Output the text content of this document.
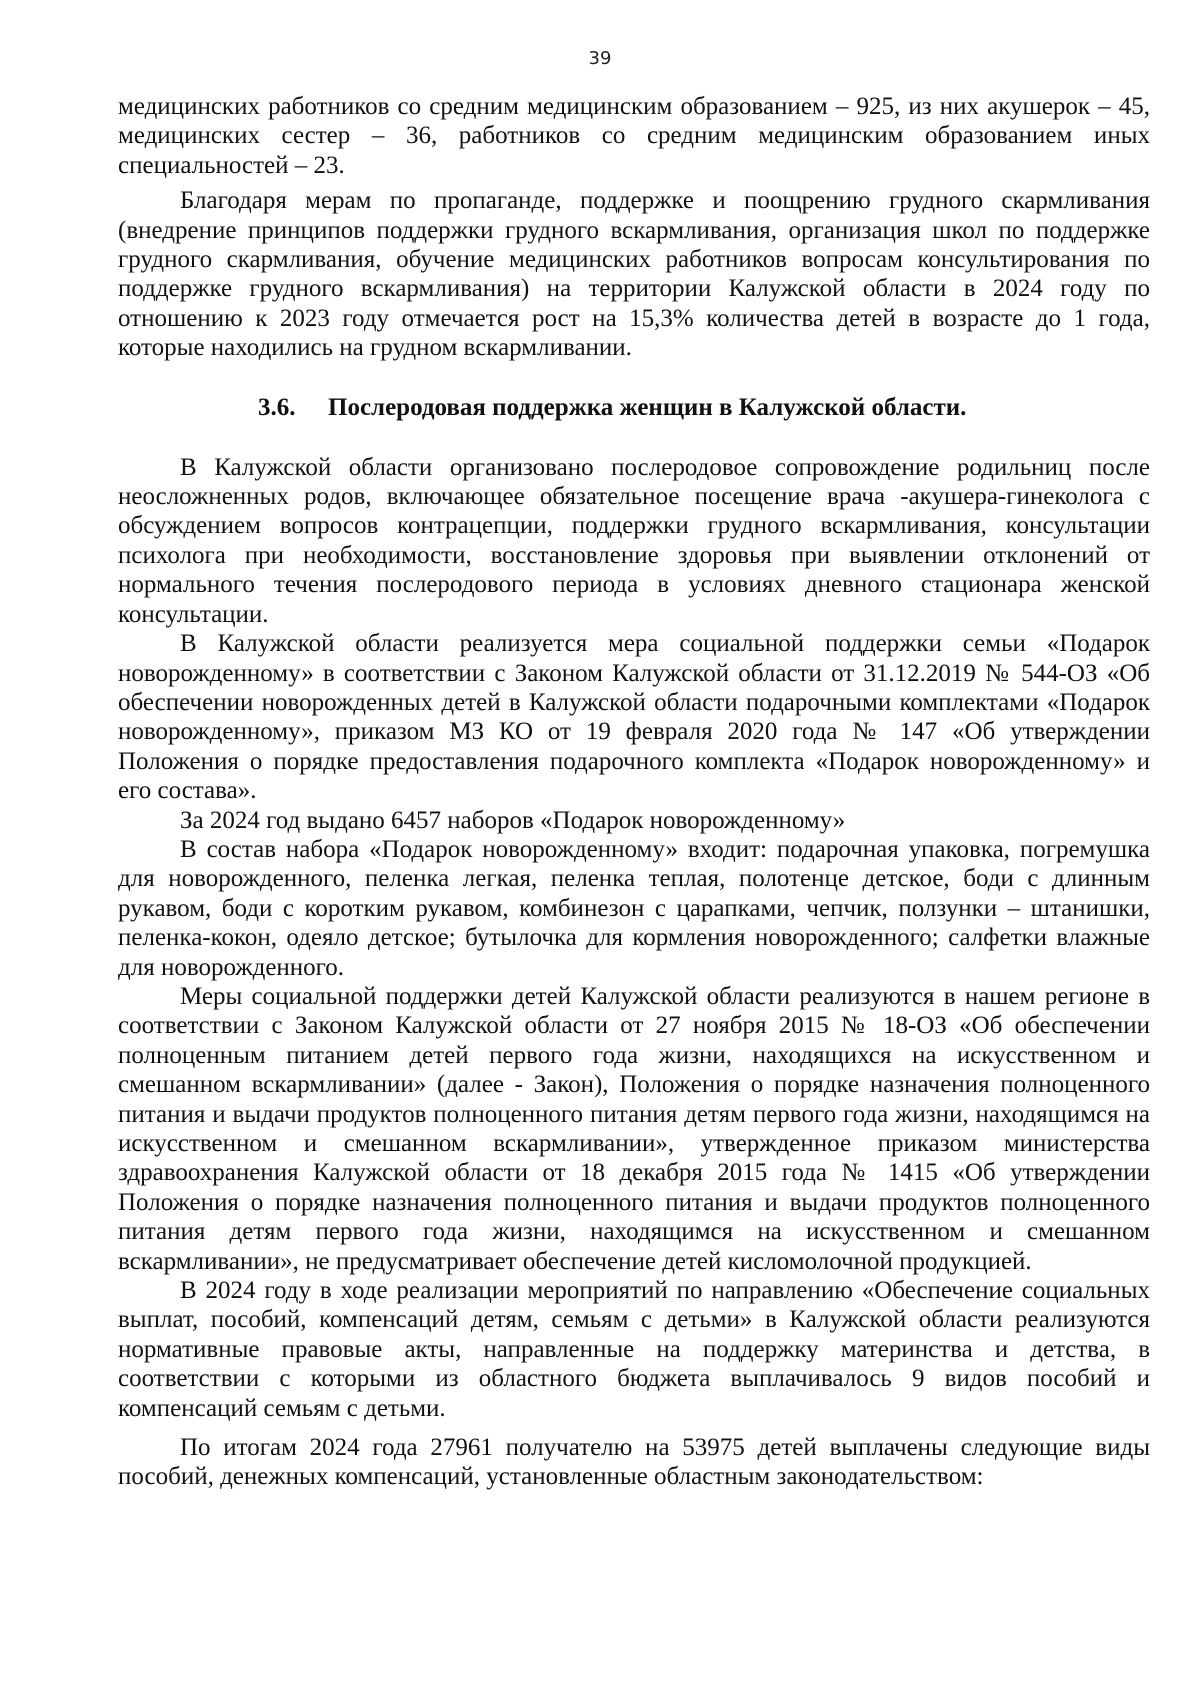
39

медицинских работников со средним медицинским образованием – 925, из них акушерок – 45, медицинских сестер – 36, работников со средним медицинским образованием иных специальностей – 23.

Благодаря мерам по пропаганде, поддержке и поощрению грудного скармливания (внедрение принципов поддержки грудного вскармливания, организация школ по поддержке грудного скармливания, обучение медицинских работников вопросам консультирования по поддержке грудного вскармливания) на территории Калужской области в 2024 году по отношению к 2023 году отмечается рост на 15,3% количества детей в возрасте до 1 года, которые находились на грудном вскармливании.

3.6. Послеродовая поддержка женщин в Калужской области.

В Калужской области организовано послеродовое сопровождение родильниц после неосложненных родов, включающее обязательное посещение врача -акушера-гинеколога с обсуждением вопросов контрацепции, поддержки грудного вскармливания, консультации психолога при необходимости, восстановление здоровья при выявлении отклонений от нормального течения послеродового периода в условиях дневного стационара женской консультации.

В Калужской области реализуется мера социальной поддержки семьи «Подарок новорожденному» в соответствии с Законом Калужской области от 31.12.2019 № 544-ОЗ «Об обеспечении новорожденных детей в Калужской области подарочными комплектами «Подарок новорожденному», приказом МЗ КО от 19 февраля 2020 года № 147 «Об утверждении Положения о порядке предоставления подарочного комплекта «Подарок новорожденному» и его состава».

За 2024 год выдано 6457 наборов «Подарок новорожденному»

В состав набора «Подарок новорожденному» входит: подарочная упаковка, погремушка для новорожденного, пеленка легкая, пеленка теплая, полотенце детское, боди с длинным рукавом, боди с коротким рукавом, комбинезон с царапками, чепчик, ползунки – штанишки, пеленка-кокон, одеяло детское; бутылочка для кормления новорожденного; салфетки влажные для новорожденного.

Меры социальной поддержки детей Калужской области реализуются в нашем регионе в соответствии с Законом Калужской области от 27 ноября 2015 № 18-ОЗ «Об обеспечении полноценным питанием детей первого года жизни, находящихся на искусственном и смешанном вскармливании» (далее - Закон), Положения о порядке назначения полноценного питания и выдачи продуктов полноценного питания детям первого года жизни, находящимся на искусственном и смешанном вскармливании», утвержденное приказом министерства здравоохранения Калужской области от 18 декабря 2015 года № 1415 «Об утверждении Положения о порядке назначения полноценного питания и выдачи продуктов полноценного питания детям первого года жизни, находящимся на искусственном и смешанном вскармливании», не предусматривает обеспечение детей кисломолочной продукцией.

В 2024 году в ходе реализации мероприятий по направлению «Обеспечение социальных выплат, пособий, компенсаций детям, семьям с детьми» в Калужской области реализуются нормативные правовые акты, направленные на поддержку материнства и детства, в соответствии с которыми из областного бюджета выплачивалось 9 видов пособий и компенсаций семьям с детьми.

По итогам 2024 года 27961 получателю на 53975 детей выплачены следующие виды пособий, денежных компенсаций, установленные областным законодательством:
